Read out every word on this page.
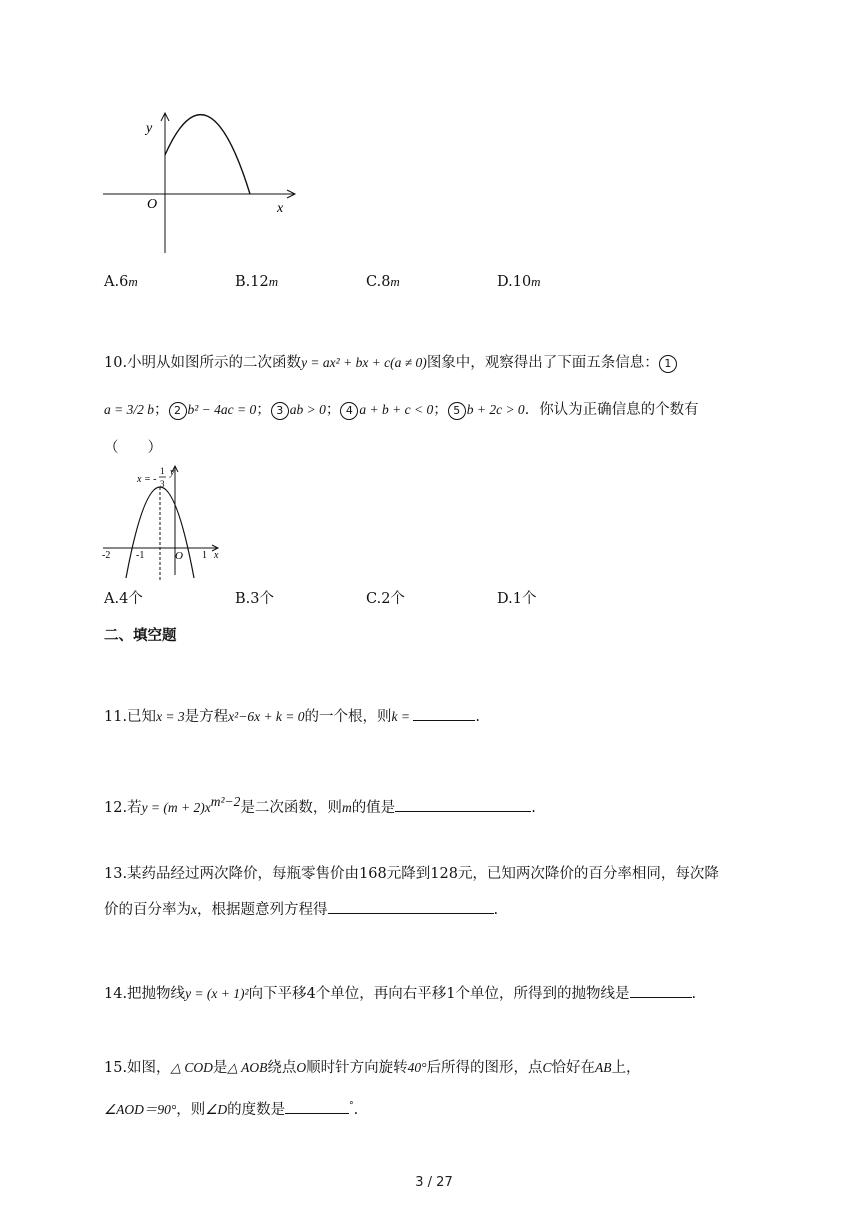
y
x
O
A.6m	B.12m	C.8m	D.10m
10.小明从如图所示的二次函数y = ax² + bx + c(a ≠ 0)图象中，观察得出了下面五条信息： 1
a = 3/2 b； 2 b² − 4ac = 0； 3 ab > 0； 4 a + b + c < 0； 5 b + 2c > 0．你认为正确信息的个数有
（　　）
x = -
1
3
y
x
O
-2	-1	1
A.4个	B.3个	C.2个	D.1个
二、填空题
11.已知x = 3是方程x²−6x + k = 0的一个根，则k =	.
12.若$y = (m + 2)x^{m^2-2}$是二次函数，则m的值是	.
13.某药品经过两次降价，每瓶零售价由168元降到128元，已知两次降价的百分率相同，每次降
价的百分率为x，根据题意列方程得	.
14.把抛物线y = (x + 1)²向下平移4个单位，再向右平移1个单位，所得到的抛物线是	.
15.如图，△ COD是△ AOB绕点O顺时针方向旋转40°后所得的图形，点C恰好在AB上，
∠AOD＝90°，则∠D的度数是	°.
3 / 27
